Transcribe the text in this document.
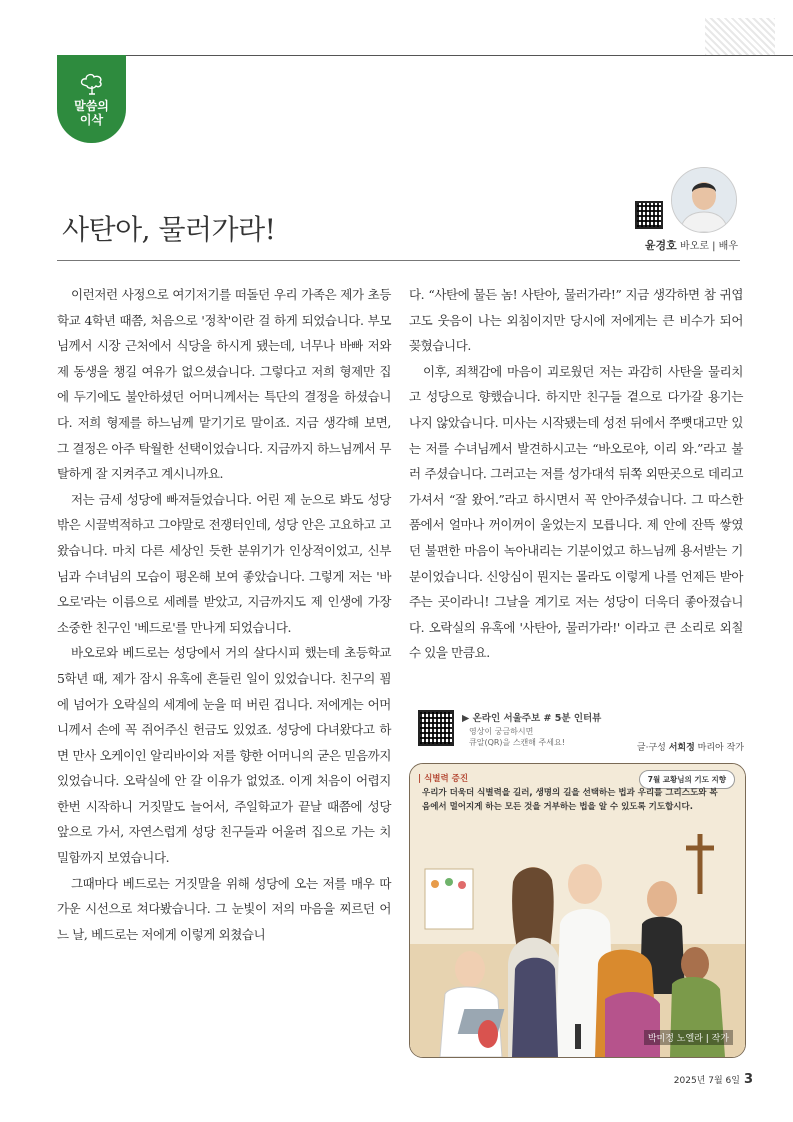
말씀의
이삭
사탄아, 물러가라!	윤경호 바오로 | 배우

이런저런 사정으로 여기저기를 떠돌던 우리 가족은 제가 초등학교 4학년 때쯤, 처음으로 '정착'이란 걸 하게 되었습니다. 부모님께서 시장 근처에서 식당을 하시게 됐는데, 너무나 바빠 저와 제 동생을 챙길 여유가 없으셨습니다. 그렇다고 저희 형제만 집에 두기에도 불안하셨던 어머니께서는 특단의 결정을 하셨습니다. 저희 형제를 하느님께 맡기기로 말이죠. 지금 생각해 보면, 그 결정은 아주 탁월한 선택이었습니다. 지금까지 하느님께서 무탈하게 잘 지켜주고 계시니까요.

저는 금세 성당에 빠져들었습니다. 어린 제 눈으로 봐도 성당 밖은 시끌벅적하고 그야말로 전쟁터인데, 성당 안은 고요하고 고왔습니다. 마치 다른 세상인 듯한 분위기가 인상적이었고, 신부님과 수녀님의 모습이 평온해 보여 좋았습니다. 그렇게 저는 '바오로'라는 이름으로 세례를 받았고, 지금까지도 제 인생에 가장 소중한 친구인 '베드로'를 만나게 되었습니다.

바오로와 베드로는 성당에서 거의 살다시피 했는데 초등학교 5학년 때, 제가 잠시 유혹에 흔들린 일이 있었습니다. 친구의 꾐에 넘어가 오락실의 세계에 눈을 떠 버린 겁니다. 저에게는 어머니께서 손에 꼭 쥐어주신 헌금도 있었죠. 성당에 다녀왔다고 하면 만사 오케이인 알리바이와 저를 향한 어머니의 굳은 믿음까지 있었습니다. 오락실에 안 갈 이유가 없었죠. 이게 처음이 어렵지 한번 시작하니 거짓말도 늘어서, 주일학교가 끝날 때쯤에 성당 앞으로 가서, 자연스럽게 성당 친구들과 어울려 집으로 가는 치밀함까지 보였습니다.

그때마다 베드로는 거짓말을 위해 성당에 오는 저를 매우 따가운 시선으로 쳐다봤습니다. 그 눈빛이 저의 마음을 찌르던 어느 날, 베드로는 저에게 이렇게 외쳤습니

다. “사탄에 물든 놈! 사탄아, 물러가라!” 지금 생각하면 참 귀엽고도 웃음이 나는 외침이지만 당시에 저에게는 큰 비수가 되어 꽂혔습니다.

이후, 죄책감에 마음이 괴로웠던 저는 과감히 사탄을 물리치고 성당으로 향했습니다. 하지만 친구들 곁으로 다가갈 용기는 나지 않았습니다. 미사는 시작됐는데 성전 뒤에서 쭈뼛대고만 있는 저를 수녀님께서 발견하시고는 “바오로야, 이리 와.”라고 불러 주셨습니다. 그러고는 저를 성가대석 뒤쪽 외딴곳으로 데리고 가셔서 “잘 왔어.”라고 하시면서 꼭 안아주셨습니다. 그 따스한 품에서 얼마나 꺼이꺼이 울었는지 모릅니다. 제 안에 잔뜩 쌓였던 불편한 마음이 녹아내리는 기분이었고 하느님께 용서받는 기분이었습니다. 신앙심이 뭔지는 몰라도 이렇게 나를 언제든 받아주는 곳이라니! 그날을 계기로 저는 성당이 더욱더 좋아졌습니다. 오락실의 유혹에 '사탄아, 물러가라!' 이라고 큰 소리로 외칠 수 있을 만큼요.

▶ 온라인 서울주보 # 5분 인터뷰
영상이 궁금하시면
큐알(QR)을 스캔해 주세요!
글·구성 서희정 마리아 작가
| 식별력 증진	7월 교황님의 기도 지향
우리가 더욱더 식별력을 길러, 생명의 길을 선택하는 법과 우리를 그리스도와 복음에서 멀어지게 하는 모든 것을 거부하는 법을 알 수 있도록 기도합시다.
박미정 노엘라 | 작가
2025년 7월 6일 3
